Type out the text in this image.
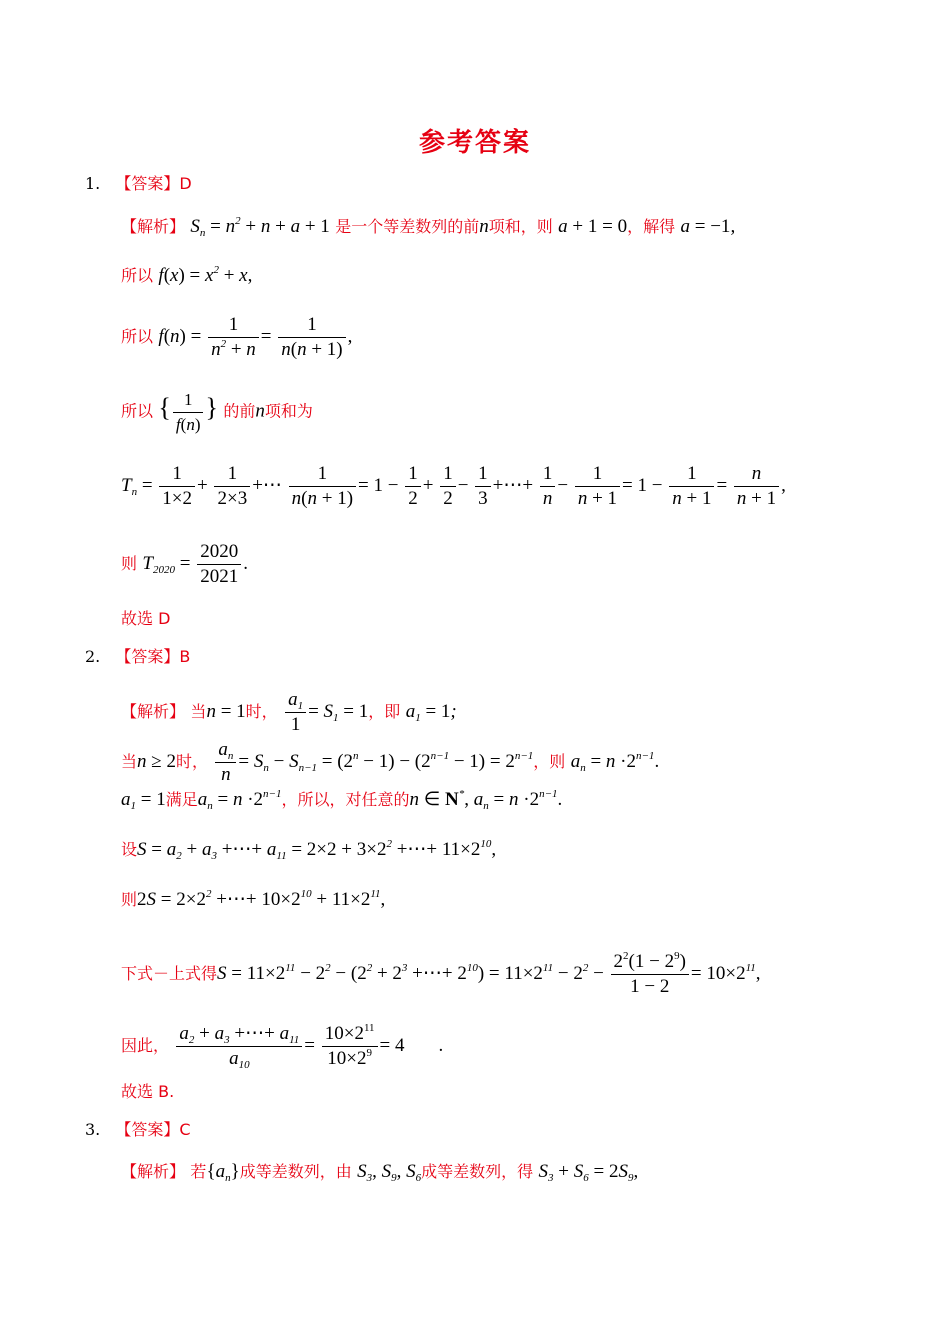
参考答案
1. 【答案】D
【解析】 $S_n = n^2 + n + a + 1$ 是一个等差数列的前n项和，则 a + 1 = 0，解得 a = −1,
所以 $f(x) = x^2 + x$,
所以 $f(n) = \frac{1}{n^2 + n} = \frac{1}{n(n + 1)}$ ,
所以 { $\frac{1}{f(n)}$ } 的前n项和为
$T_n = \frac{1}{1\times 2} + \frac{1}{2\times 3}$ +⋯ $\frac{1}{n(n + 1)} = 1 - \frac{1}{2} + \frac{1}{2} - \frac{1}{3}$ +⋯+ $\frac{1}{n} - \frac{1}{n + 1} = 1 - \frac{1}{n + 1} = \frac{n}{n + 1}$ ,
则 $T_{2020} = \frac{2020}{2021}$ .
故选 D
2. 【答案】B
【解析】 当n = 1时， $\frac{a_1}{1} = S_1 = 1$，即 $a_1 = 1$;
当n ≥ 2时， $\frac{a_n}{n} = S_n - S_{n-1} = (2^n - 1) - (2^{n-1} - 1) = 2^{n-1}$，则 $a_n = n \cdot 2^{n-1}$.
$a_1 = 1$满足$a_n = n \cdot 2^{n-1}$，所以，对任意的n ∈ N*, $a_n = n \cdot 2^{n-1}$.
设$S = a_2 + a_3$ +⋯+ $a_{11} = 2\times 2 + 3\times 2^2$ +⋯+ $11\times 2^{10}$,
则$2S = 2\times 2^2$ +⋯+ $10\times 2^{10} + 11\times 2^{11}$,
下式－上式得$S = 11\times 2^{11} - 2^2 - (2^2 + 2^3$ +⋯+ $2^{10}) = 11\times 2^{11} - 2^2 - \frac{2^2(1 - 2^9)}{1 - 2} = 10\times 2^{11}$,
因此， $\frac{a_2 + a_3 +\cdots+ a_{11}}{a_{10}} = \frac{10\times 2^{11}}{10\times 2^9} = 4$ .
故选 B.
3. 【答案】C
【解析】 若$\{a_n\}$成等差数列，由 $S_3$, $S_9$, $S_6$成等差数列，得 $S_3 + S_6 = 2S_9$,
